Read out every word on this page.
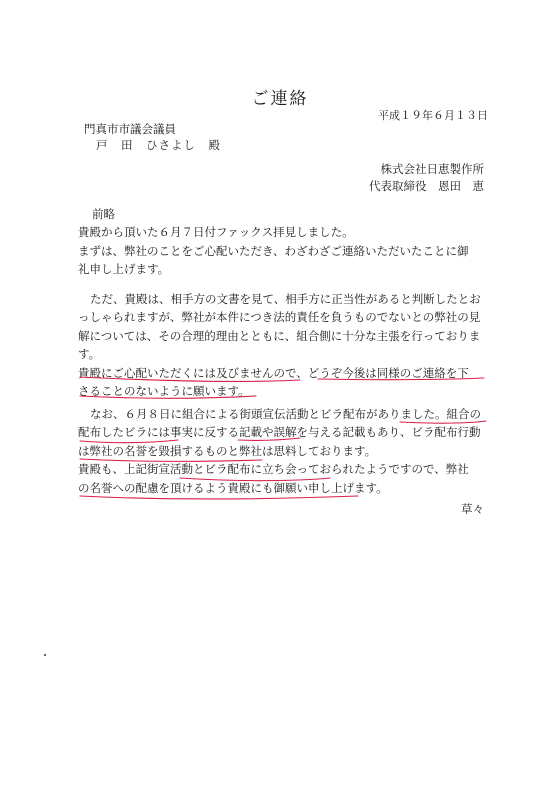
ご連絡
平成１９年６月１３日
門真市市議会議員
戸　田　ひさよし　殿
株式会社日恵製作所
代表取締役　恩田　恵

前略

貴殿から頂いた６月７日付ファックス拝見しました。

まずは、弊社のことをご心配いただき、わざわざご連絡いただいたことに御

礼申し上げます。

ただ、貴殿は、相手方の文書を見て、相手方に正当性があると判断したとお

っしゃられますが、弊社が本件につき法的責任を負うものでないとの弊社の見

解については、その合理的理由とともに、組合側に十分な主張を行っておりま

す。

貴殿にご心配いただくには及びませんので、どうぞ今後は同様のご連絡を下

さることのないように願います。

なお、６月８日に組合による街頭宣伝活動とビラ配布がありました。組合の

配布したビラには事実に反する記載や誤解を与える記載もあり、ビラ配布行動

は弊社の名誉を毀損するものと弊社は思料しております。

貴殿も、上記街宣活動とビラ配布に立ち会っておられたようですので、弊社

の名誉への配慮を頂けるよう貴殿にも御願い申し上げます。

草々
